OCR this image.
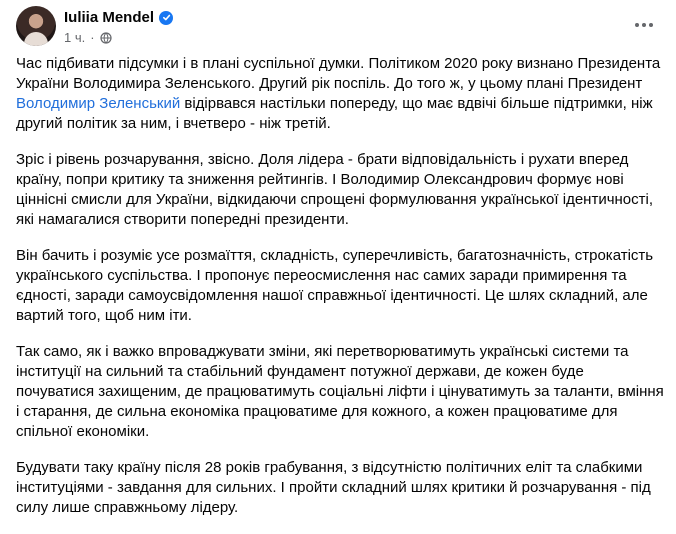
Iuliia Mendel
1 ч. ·

Час підбивати підсумки і в плані суспільної думки. Політиком 2020 року визнано Президента України Володимира Зеленського. Другий рік поспіль. До того ж, у цьому плані Президент Володимир Зеленський відірвався настільки попереду, що має вдвічі більше підтримки, ніж другий політик за ним, і вчетверо - ніж третій.

Зріс і рівень розчарування, звісно. Доля лідера - брати відповідальність і рухати вперед країну, попри критику та зниження рейтингів. І Володимир Олександрович формує нові ціннісні смисли для України, відкидаючи спрощені формулювання української ідентичності, які намагалися створити попередні президенти.

Він бачить і розуміє усе розмаїття, складність, суперечливість, багатозначність, строкатість українського суспільства. І пропонує переосмислення нас самих заради примирення та єдності, заради самоусвідомлення нашої справжньої ідентичності. Це шлях складний, але вартий того, щоб ним іти.

Так само, як і важко впроваджувати зміни, які перетворюватимуть українські системи та інституції на сильний та стабільний фундамент потужної держави, де кожен буде почуватися захищеним, де працюватимуть соціальні ліфти і цінуватимуть за таланти, вміння і старання, де сильна економіка працюватиме для кожного, а кожен працюватиме для спільної економіки.

Будувати таку країну після 28 років грабування, з відсутністю політичних еліт та слабкими інституціями - завдання для сильних. І пройти складний шлях критики й розчарування - під силу лише справжньому лідеру.
